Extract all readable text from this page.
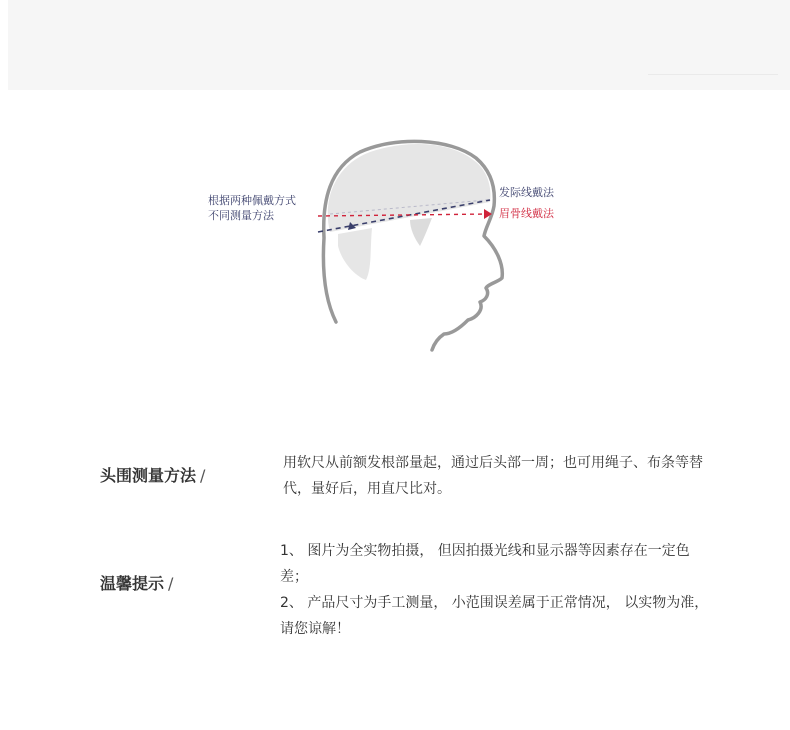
根据两种佩戴方式
不同测量方法
发际线戴法
眉骨线戴法
头围测量方法 /

用软尺从前额发根部量起，通过后头部一周；也可用绳子、布条等替代，量好后，用直尺比对。

温馨提示 /

1、 图片为全实物拍摄， 但因拍摄光线和显示器等因素存在一定色差；

2、 产品尺寸为手工测量， 小范围误差属于正常情况， 以实物为准，请您谅解！
